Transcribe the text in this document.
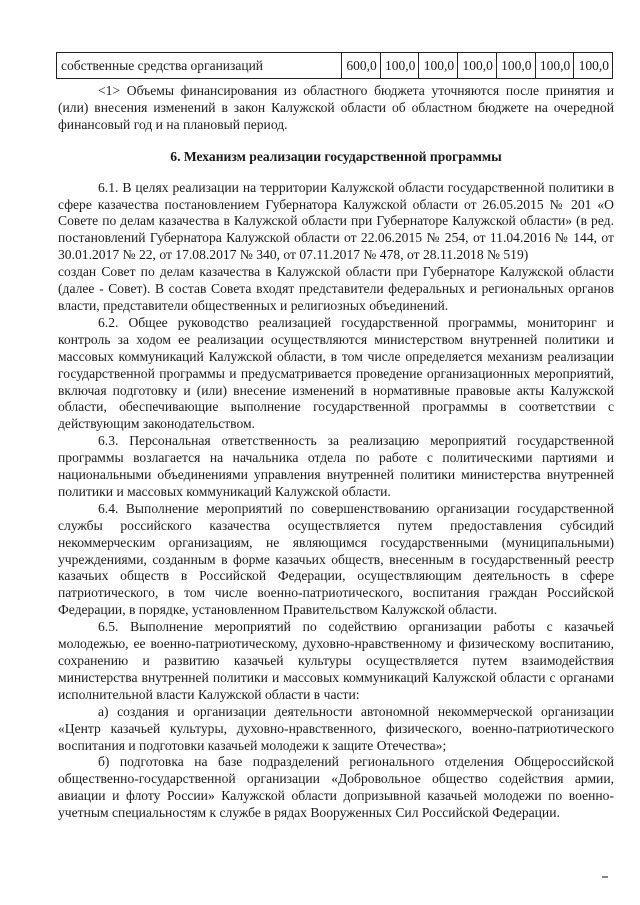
собственные средства организаций	600,0	100,0	100,0	100,0	100,0	100,0	100,0

<1> Объемы финансирования из областного бюджета уточняются после принятия и (или) внесения изменений в закон Калужской области об областном бюджете на очередной финансовый год и на плановый период.

6. Механизм реализации государственной программы

6.1. В целях реализации на территории Калужской области государственной политики в сфере казачества постановлением Губернатора Калужской области от 26.05.2015 № 201 «О Совете по делам казачества в Калужской области при Губернаторе Калужской области» (в ред. постановлений Губернатора Калужской области от 22.06.2015 № 254, от 11.04.2016 № 144, от 30.01.2017 № 22, от 17.08.2017 № 340, от 07.11.2017 № 478, от 28.11.2018 № 519)

создан Совет по делам казачества в Калужской области при Губернаторе Калужской области (далее - Совет). В состав Совета входят представители федеральных и региональных органов власти, представители общественных и религиозных объединений.

6.2. Общее руководство реализацией государственной программы, мониторинг и контроль за ходом ее реализации осуществляются министерством внутренней политики и массовых коммуникаций Калужской области, в том числе определяется механизм реализации государственной программы и предусматривается проведение организационных мероприятий, включая подготовку и (или) внесение изменений в нормативные правовые акты Калужской области, обеспечивающие выполнение государственной программы в соответствии с действующим законодательством.

6.3. Персональная ответственность за реализацию мероприятий государственной программы возлагается на начальника отдела по работе с политическими партиями и национальными объединениями управления внутренней политики министерства внутренней политики и массовых коммуникаций Калужской области.

6.4. Выполнение мероприятий по совершенствованию организации государственной службы российского казачества осуществляется путем предоставления субсидий некоммерческим организациям, не являющимся государственными (муниципальными) учреждениями, созданным в форме казачьих обществ, внесенным в государственный реестр казачьих обществ в Российской Федерации, осуществляющим деятельность в сфере патриотического, в том числе военно-патриотического, воспитания граждан Российской Федерации, в порядке, установленном Правительством Калужской области.

6.5. Выполнение мероприятий по содействию организации работы с казачьей молодежью, ее военно-патриотическому, духовно-нравственному и физическому воспитанию, сохранению и развитию казачьей культуры осуществляется путем взаимодействия министерства внутренней политики и массовых коммуникаций Калужской области с органами исполнительной власти Калужской области в части:

а) создания и организации деятельности автономной некоммерческой организации «Центр казачьей культуры, духовно-нравственного, физического, военно-патриотического воспитания и подготовки казачьей молодежи к защите Отечества»;

б) подготовка на базе подразделений регионального отделения Общероссийской общественно-государственной организации «Добровольное общество содействия армии, авиации и флоту России» Калужской области допризывной казачьей молодежи по военно-учетным специальностям к службе в рядах Вооруженных Сил Российской Федерации.
